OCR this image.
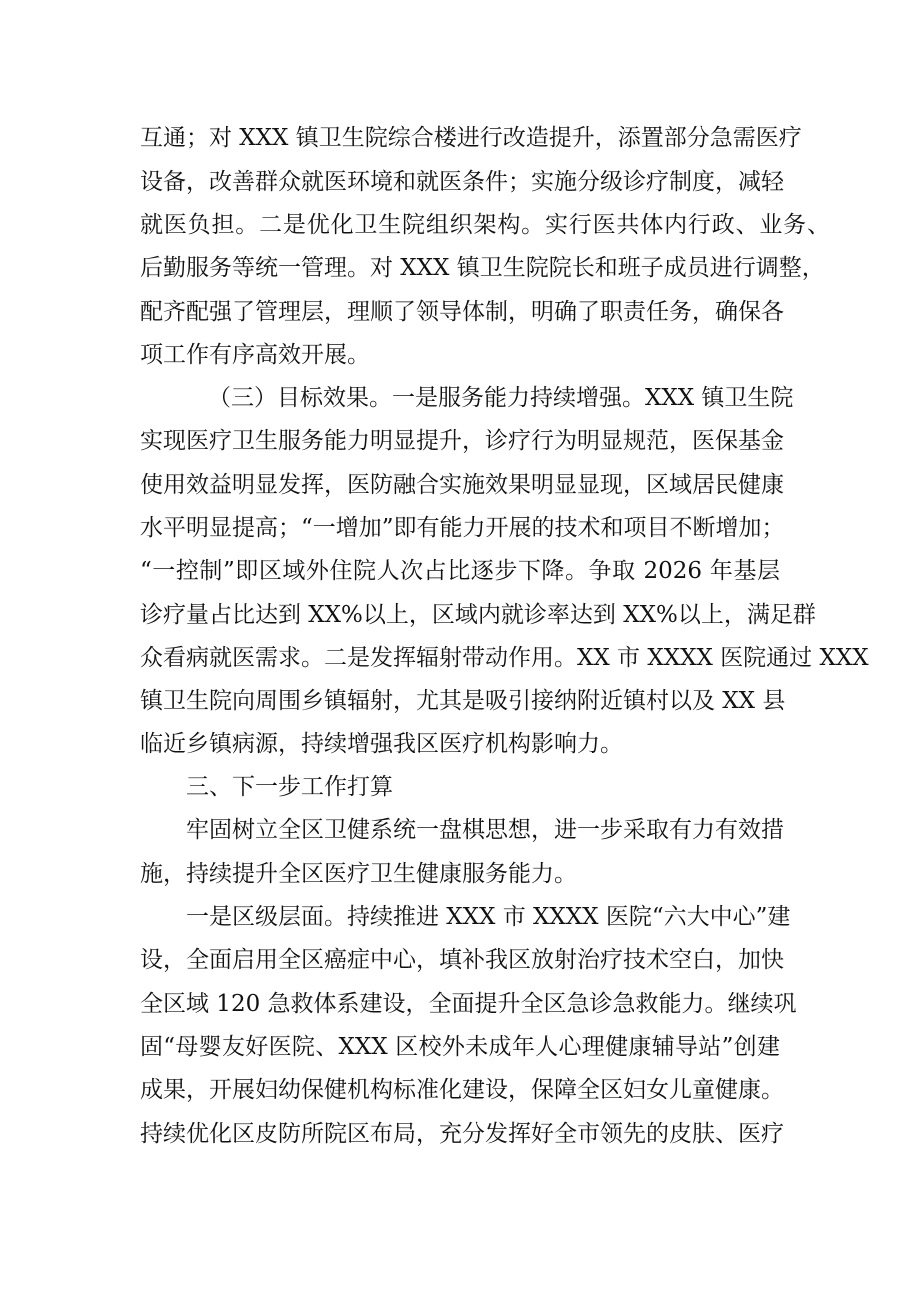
互通；对 XXX 镇卫生院综合楼进行改造提升，添置部分急需医疗
设备，改善群众就医环境和就医条件；实施分级诊疗制度，减轻
就医负担。二是优化卫生院组织架构。实行医共体内行政、业务、
后勤服务等统一管理。对 XXX 镇卫生院院长和班子成员进行调整，
配齐配强了管理层，理顺了领导体制，明确了职责任务，确保各
项工作有序高效开展。
（三）目标效果。一是服务能力持续增强。XXX 镇卫生院
实现医疗卫生服务能力明显提升，诊疗行为明显规范，医保基金
使用效益明显发挥，医防融合实施效果明显显现，区域居民健康
水平明显提高；“一增加”即有能力开展的技术和项目不断增加；
“一控制”即区域外住院人次占比逐步下降。争取 2026 年基层
诊疗量占比达到 XX%以上，区域内就诊率达到 XX%以上，满足群
众看病就医需求。二是发挥辐射带动作用。XX 市 XXXX 医院通过 XXX
镇卫生院向周围乡镇辐射，尤其是吸引接纳附近镇村以及 XX 县
临近乡镇病源，持续增强我区医疗机构影响力。
三、下一步工作打算
牢固树立全区卫健系统一盘棋思想，进一步采取有力有效措
施，持续提升全区医疗卫生健康服务能力。
一是区级层面。持续推进 XXX 市 XXXX 医院“六大中心”建
设，全面启用全区癌症中心，填补我区放射治疗技术空白，加快
全区域 120 急救体系建设，全面提升全区急诊急救能力。继续巩
固“母婴友好医院、XXX 区校外未成年人心理健康辅导站”创建
成果，开展妇幼保健机构标准化建设，保障全区妇女儿童健康。
持续优化区皮防所院区布局，充分发挥好全市领先的皮肤、医疗
